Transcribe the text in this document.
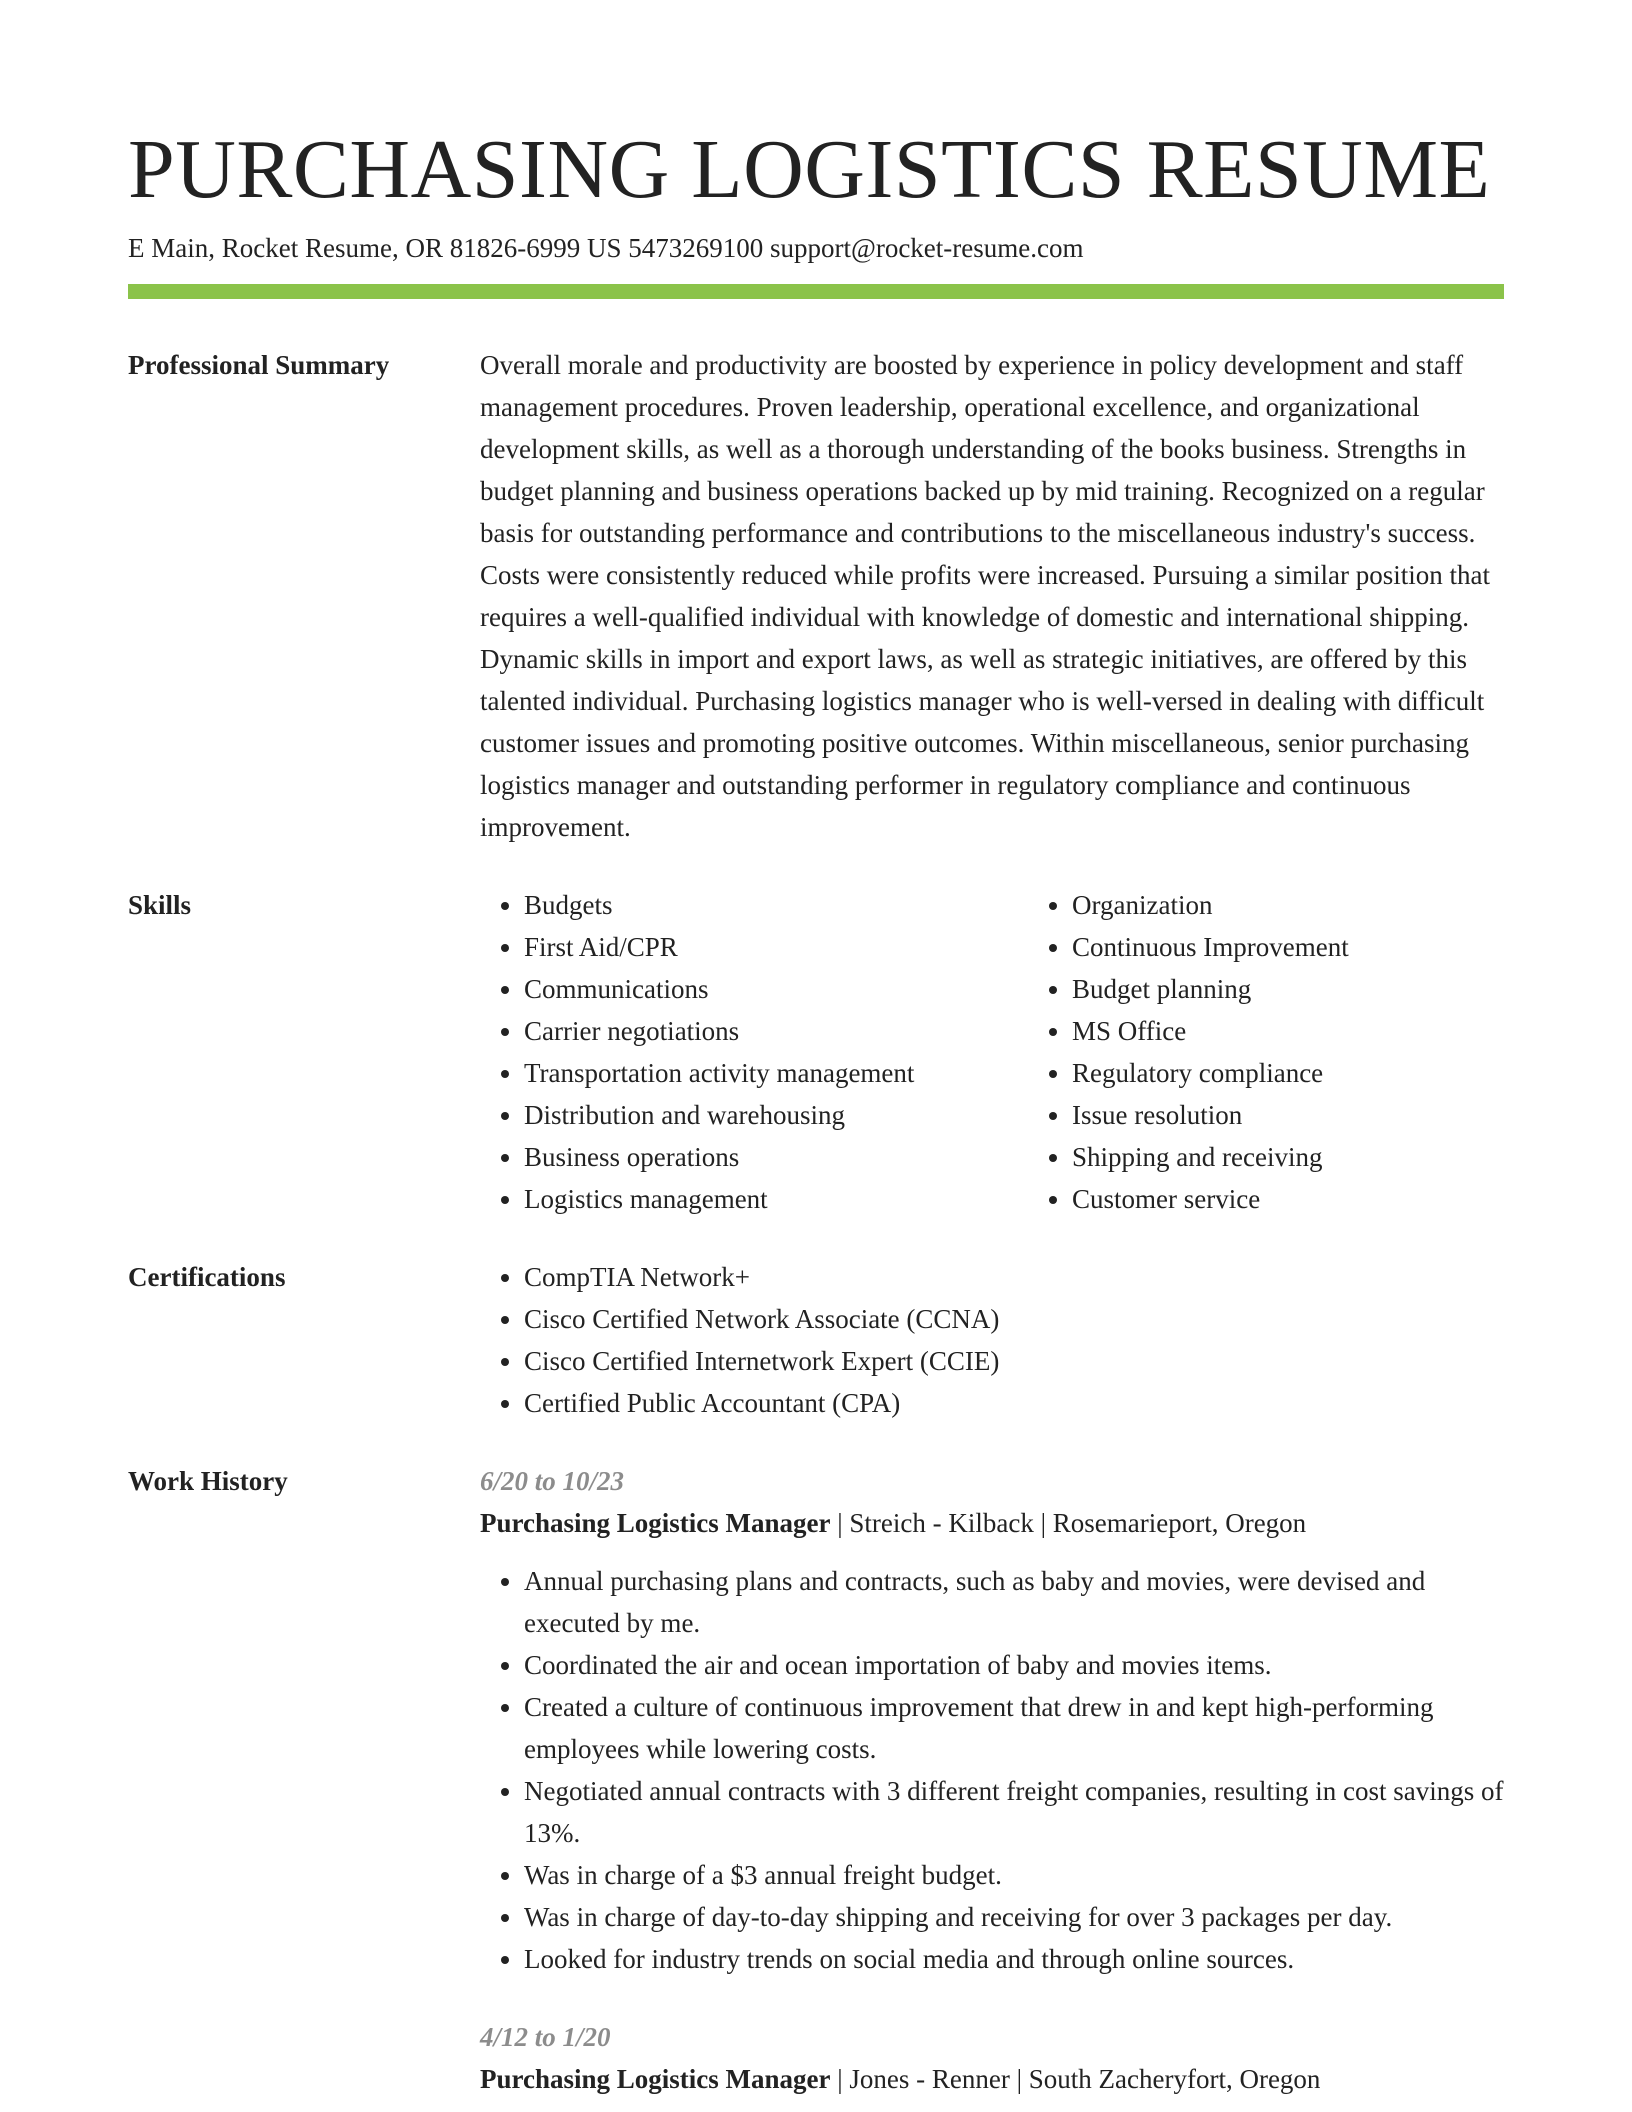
PURCHASING LOGISTICS RESUME
E Main, Rocket Resume, OR 81826-6999 US 5473269100 support@rocket-resume.com
Professional Summary	Overall morale and productivity are boosted by experience in policy development and staff management procedures. Proven leadership, operational excellence, and organizational development skills, as well as a thorough understanding of the books business. Strengths in budget planning and business operations backed up by mid training. Recognized on a regular basis for outstanding performance and contributions to the miscellaneous industry's success. Costs were consistently reduced while profits were increased. Pursuing a similar position that requires a well-qualified individual with knowledge of domestic and international shipping. Dynamic skills in import and export laws, as well as strategic initiatives, are offered by this talented individual. Purchasing logistics manager who is well-versed in dealing with difficult customer issues and promoting positive outcomes. Within miscellaneous, senior purchasing logistics manager and outstanding performer in regulatory compliance and continuous improvement.

Skills	• Budgets
• First Aid/CPR
• Communications
• Carrier negotiations
• Transportation activity management
• Distribution and warehousing
• Business operations
• Logistics management
• Organization
• Continuous Improvement
• Budget planning
• MS Office
• Regulatory compliance
• Issue resolution
• Shipping and receiving
• Customer service
Certifications	• CompTIA Network+
• Cisco Certified Network Associate (CCNA)
• Cisco Certified Internetwork Expert (CCIE)
• Certified Public Accountant (CPA)
Work History	6/20 to 10/23
Purchasing Logistics Manager | Streich - Kilback | Rosemarieport, Oregon
• Annual purchasing plans and contracts, such as baby and movies, were devised and executed by me.
• Coordinated the air and ocean importation of baby and movies items.
• Created a culture of continuous improvement that drew in and kept high-performing employees while lowering costs.
• Negotiated annual contracts with 3 different freight companies, resulting in cost savings of 13%.
• Was in charge of a $3 annual freight budget.
• Was in charge of day-to-day shipping and receiving for over 3 packages per day.
• Looked for industry trends on social media and through online sources.
4/12 to 1/20
Purchasing Logistics Manager | Jones - Renner | South Zacheryfort, Oregon
